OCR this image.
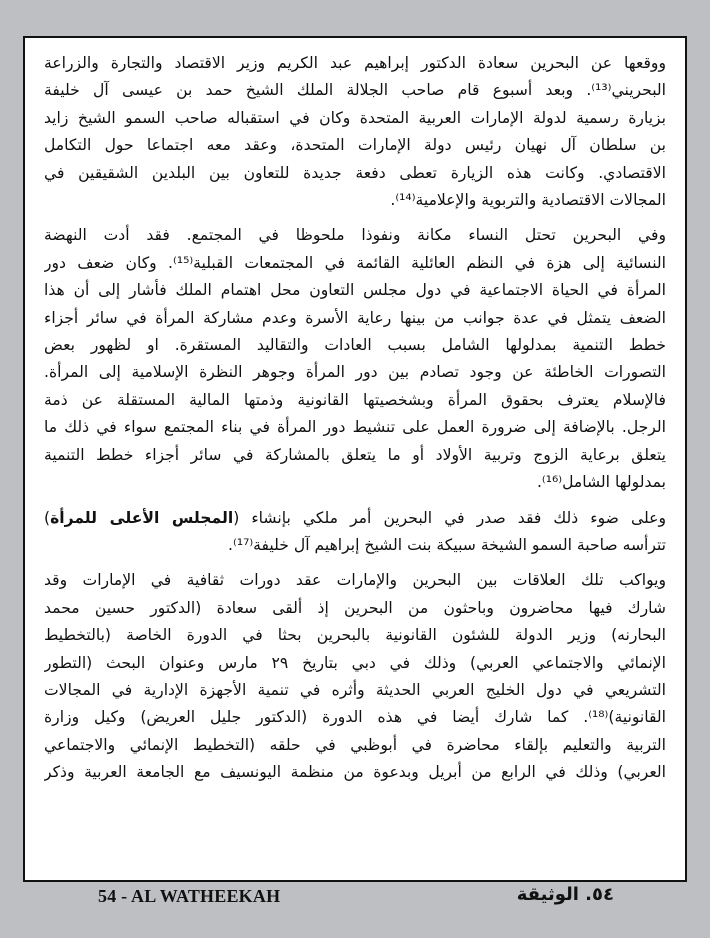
ووقعها عن البحرين سعادة الدكتور إبراهيم عبد الكريم وزير الاقتصاد والتجارة والزراعة
البحريني⁽¹³⁾. وبعد أسبوع قام صاحب الجلالة الملك الشيخ حمد بن عيسى آل خليفة
بزيارة رسمية لدولة الإمارات العربية المتحدة وكان في استقباله صاحب السمو الشيخ زايد
بن سلطان آل نهيان رئيس دولة الإمارات المتحدة، وعقد معه اجتماعا حول التكامل
الاقتصادي. وكانت هذه الزيارة تعطى دفعة جديدة للتعاون بين البلدين الشقيقين في
المجالات الاقتصادية والتربوية والإعلامية⁽¹⁴⁾.
وفي البحرين تحتل النساء مكانة ونفوذا ملحوظا في المجتمع. فقد أدت النهضة
النسائية إلى هزة في النظم العائلية القائمة في المجتمعات القبلية⁽¹⁵⁾. وكان ضعف دور
المرأة في الحياة الاجتماعية في دول مجلس التعاون محل اهتمام الملك فأشار إلى أن هذا
الضعف يتمثل في عدة جوانب من بينها رعاية الأسرة وعدم مشاركة المرأة في سائر أجزاء
خطط التنمية بمدلولها الشامل بسبب العادات والتقاليد المستقرة. او لظهور بعض
التصورات الخاطئة عن وجود تصادم بين دور المرأة وجوهر النظرة الإسلامية إلى المرأة.
فالإسلام يعترف بحقوق المرأة وبشخصيتها القانونية وذمتها المالية المستقلة عن ذمة
الرجل. بالإضافة إلى ضرورة العمل على تنشيط دور المرأة في بناء المجتمع سواء في ذلك ما
يتعلق برعاية الزوج وتربية الأولاد أو ما يتعلق بالمشاركة في سائر أجزاء خطط التنمية
بمدلولها الشامل⁽¹⁶⁾.
وعلى ضوء ذلك فقد صدر في البحرين أمر ملكي بإنشاء (المجلس الأعلى للمرأة)
تترأسه صاحبة السمو الشيخة سبيكة بنت الشيخ إبراهيم آل خليفة⁽¹⁷⁾.
ويواكب تلك العلاقات بين البحرين والإمارات عقد دورات ثقافية في الإمارات وقد
شارك فيها محاضرون وباحثون من البحرين إذ ألقى سعادة (الدكتور حسين محمد
البحارنه) وزير الدولة للشئون القانونية بالبحرين بحثا في الدورة الخاصة (بالتخطيط
الإنمائي والاجتماعي العربي) وذلك في دبي بتاريخ ٢٩ مارس وعنوان البحث (التطور
التشريعي في دول الخليج العربي الحديثة وأثره في تنمية الأجهزة الإدارية في المجالات
القانونية)⁽¹⁸⁾. كما شارك أيضا في هذه الدورة (الدكتور جليل العريض) وكيل وزارة
التربية والتعليم بإلقاء محاضرة في أبوظبي في حلقه (التخطيط الإنمائي والاجتماعي
العربي) وذلك في الرابع من أبريل وبدعوة من منظمة اليونسيف مع الجامعة العربية وذكر
54 - AL WATHEEKAH	٥٤. الوثيقة
